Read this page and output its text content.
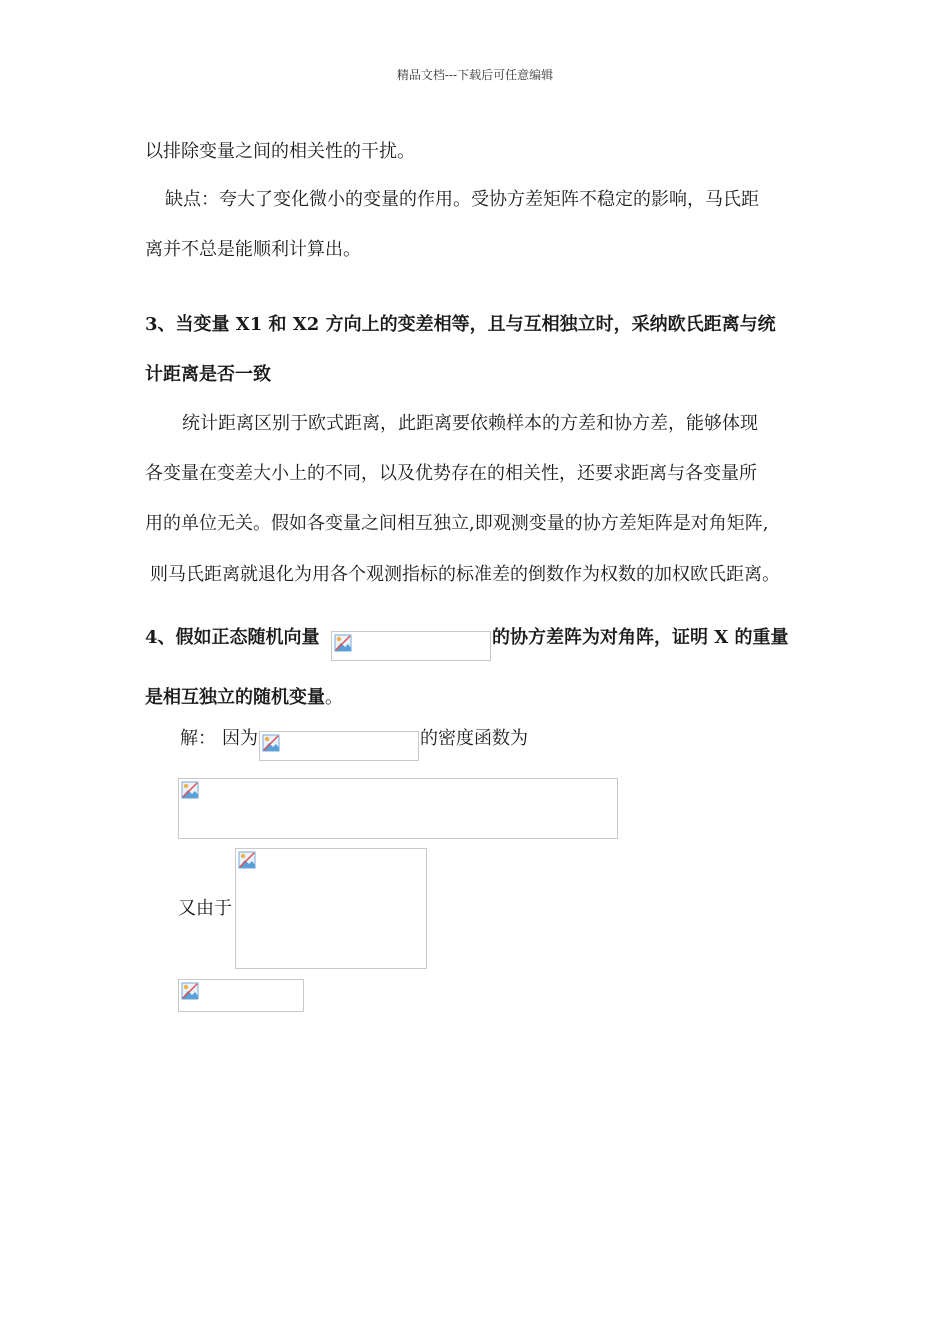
精品文档---下载后可任意编辑
以排除变量之间的相关性的干扰。
缺点：夸大了变化微小的变量的作用。受协方差矩阵不稳定的影响，马氏距
离并不总是能顺利计算出。
3、当变量 X1 和 X2 方向上的变差相等，且与互相独立时，采纳欧氏距离与统
计距离是否一致
统计距离区别于欧式距离，此距离要依赖样本的方差和协方差，能够体现
各变量在变差大小上的不同，以及优势存在的相关性，还要求距离与各变量所
用的单位无关。假如各变量之间相互独立,即观测变量的协方差矩阵是对角矩阵,
则马氏距离就退化为用各个观测指标的标准差的倒数作为权数的加权欧氏距离。
4、假如正态随机向量	的协方差阵为对角阵，证明 X 的重量
是相互独立的随机变量。
解： 因为	的密度函数为
又由于
